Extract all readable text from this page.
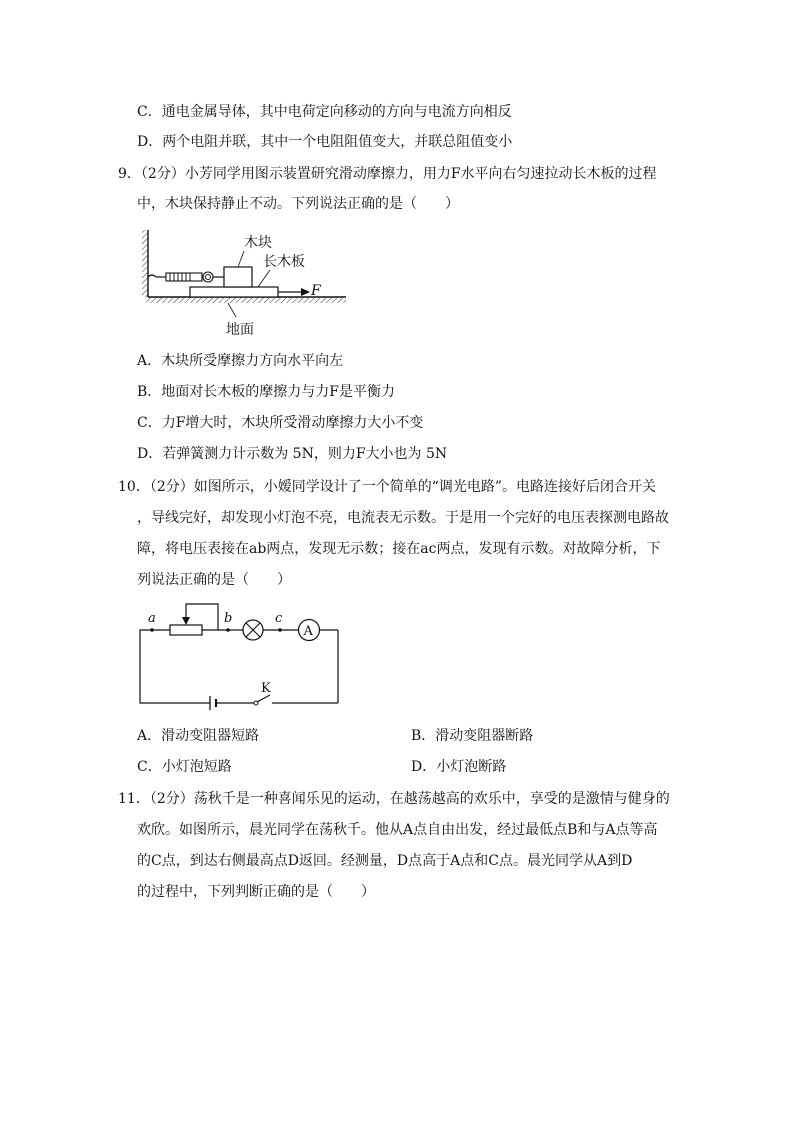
C．通电金属导体，其中电荷定向移动的方向与电流方向相反
D．两个电阻并联，其中一个电阻阻值变大，并联总阻值变小
9．（2分）小芳同学用图示装置研究滑动摩擦力，用力F水平向右匀速拉动长木板的过程
中，木块保持静止不动。下列说法正确的是（　　）
木块
长木板
F
地面
A．木块所受摩擦力方向水平向左
B．地面对长木板的摩擦力与力F是平衡力
C．力F增大时，木块所受滑动摩擦力大小不变
D．若弹簧测力计示数为 5N，则力F大小也为 5N
10．（2分）如图所示，小嫒同学设计了一个简单的“调光电路”。电路连接好后闭合开关
，导线完好，却发现小灯泡不亮，电流表无示数。于是用一个完好的电压表探测电路故
障，将电压表接在ab两点，发现无示数；接在ac两点，发现有示数。对故障分析，下
列说法正确的是（　　）
A
a	b	c
K
A．滑动变阻器短路	B．滑动变阻器断路
C．小灯泡短路	D．小灯泡断路
11．（2分）荡秋千是一种喜闻乐见的运动，在越荡越高的欢乐中，享受的是激情与健身的
欢欣。如图所示，晨光同学在荡秋千。他从A点自由出发，经过最低点B和与A点等高
的C点，到达右侧最高点D返回。经测量，D点高于A点和C点。晨光同学从A到D
的过程中，下列判断正确的是（　　）
